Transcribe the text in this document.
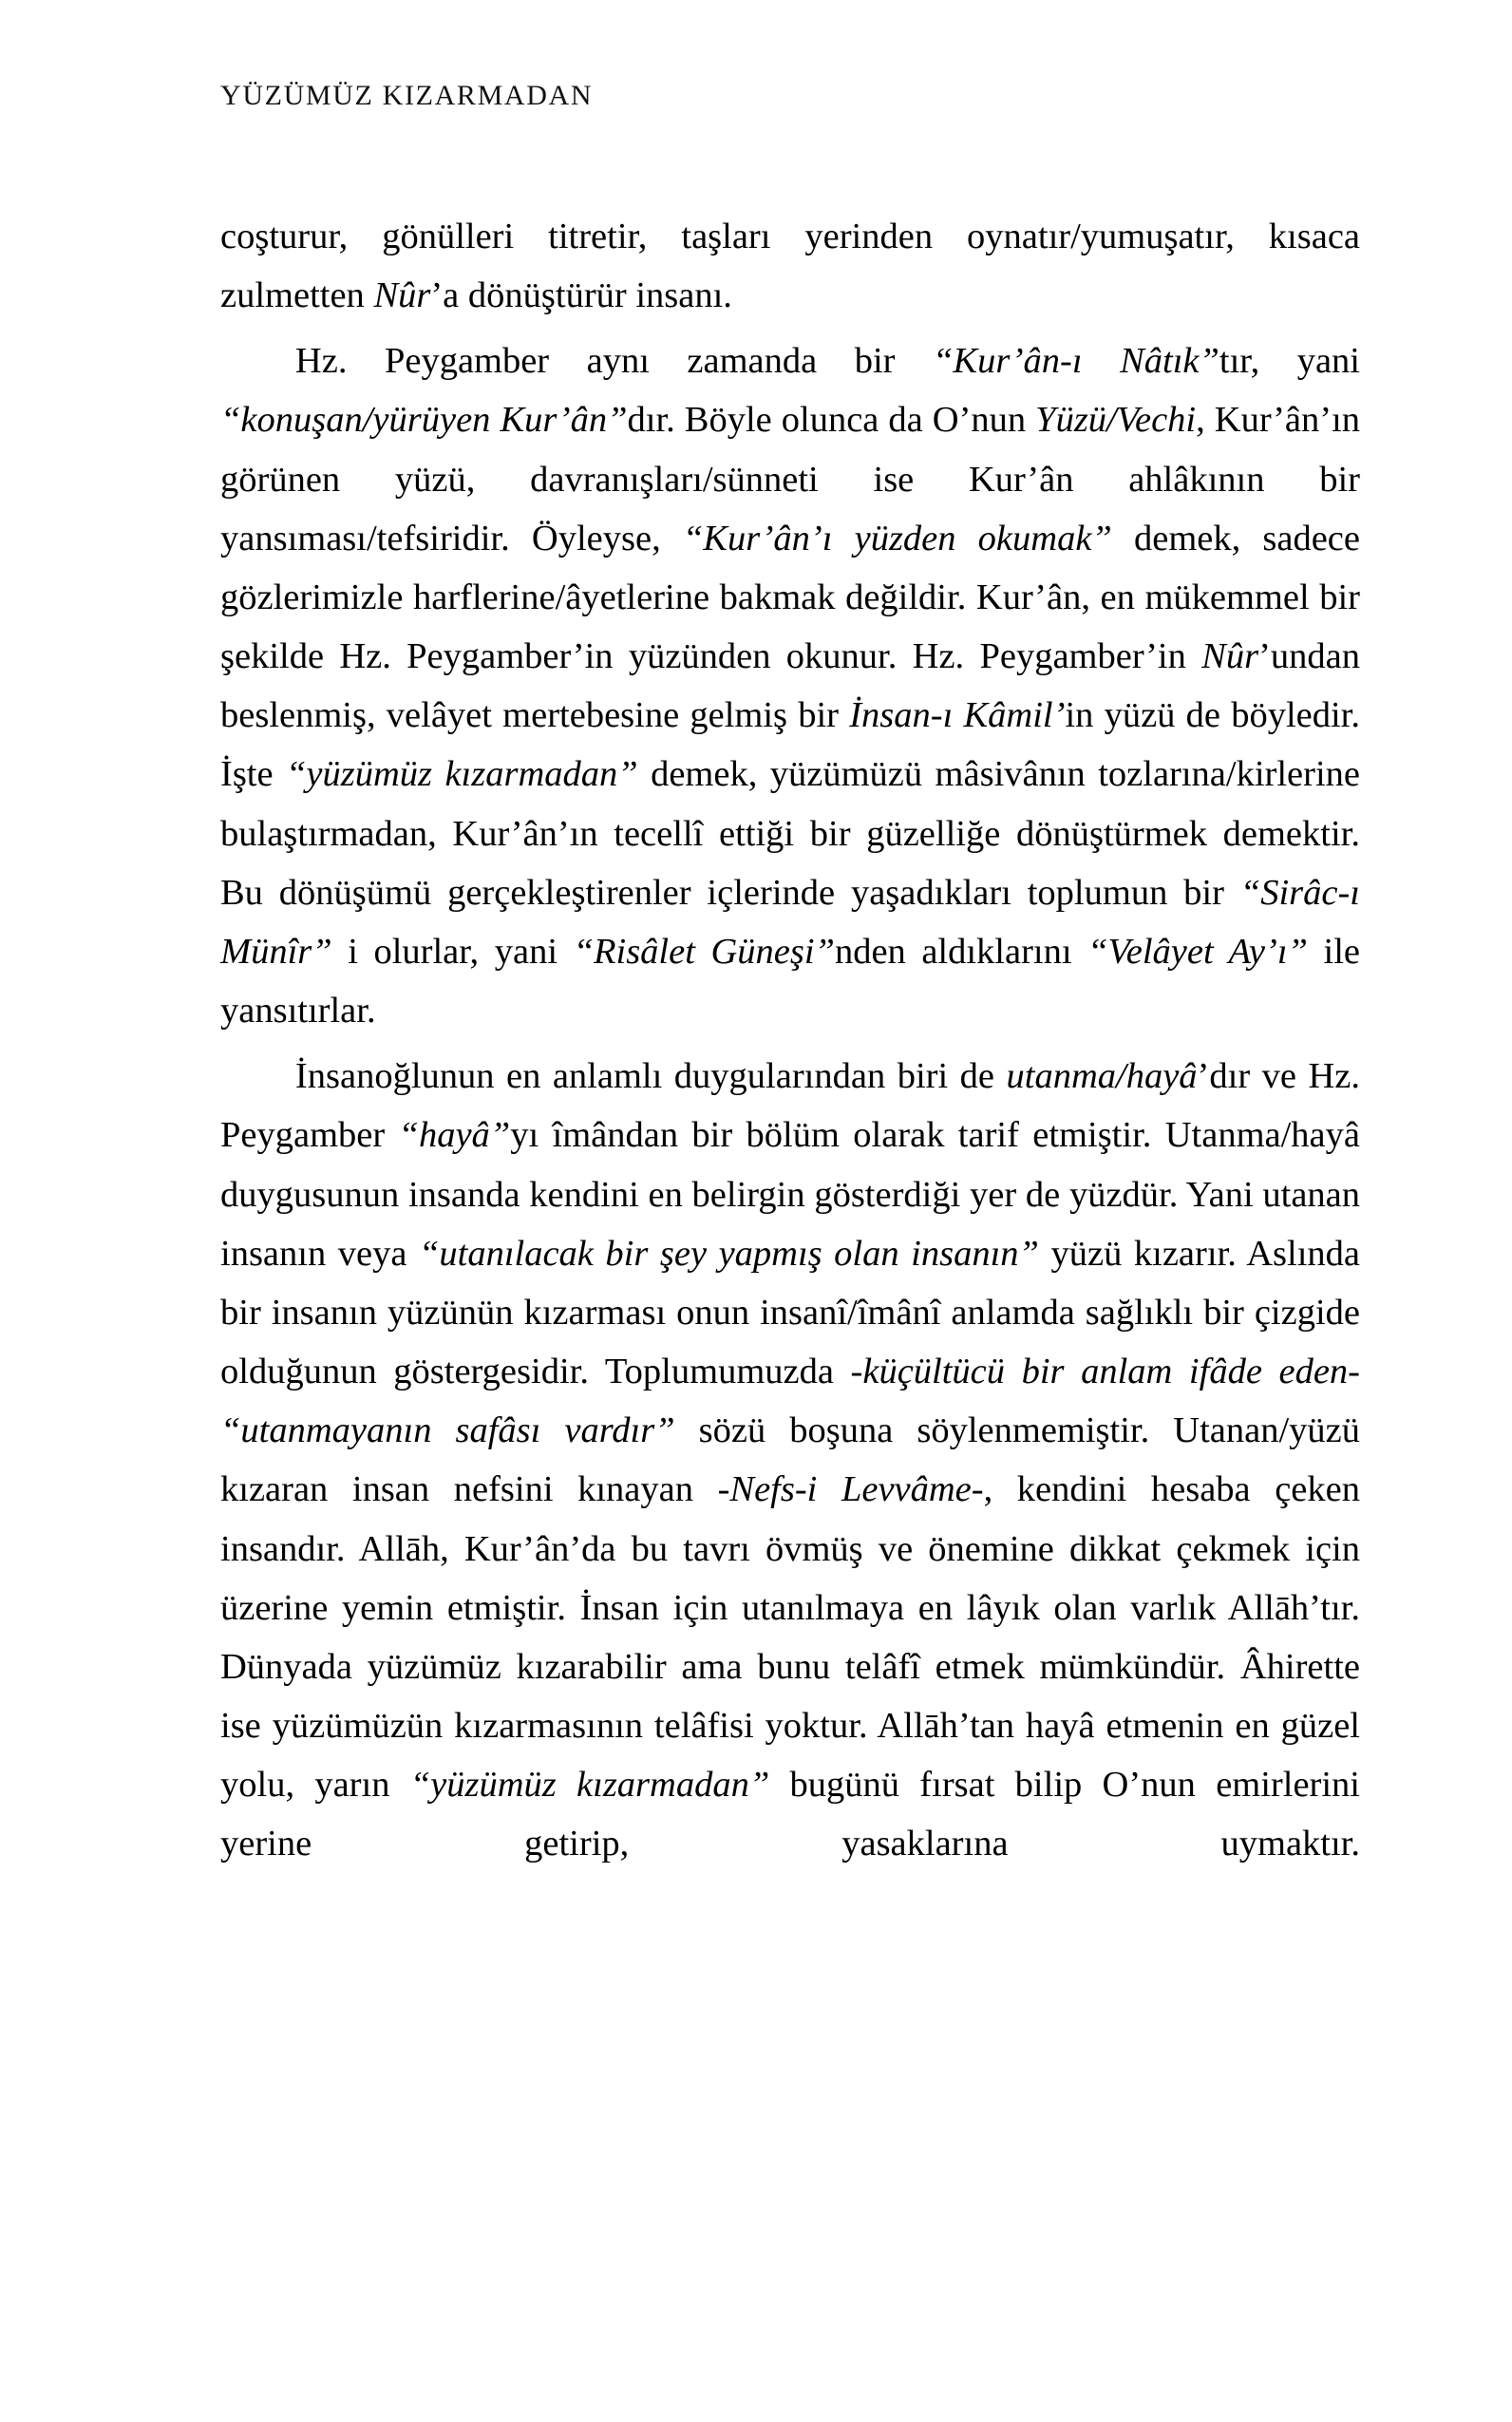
YÜZÜMÜZ KIZARMADAN

coşturur, gönülleri titretir, taşları yerinden oynatır/yumuşatır, kısaca zulmetten Nûr’a dönüştürür insanı.

Hz. Peygamber aynı zamanda bir “Kur’ân-ı Nâtık”tır, yani “konuşan/yürüyen Kur’ân”dır. Böyle olunca da O’nun Yüzü/Vechi, Kur’ân’ın görünen yüzü, davranışları/sünneti ise Kur’ân ahlâkının bir yansıması/tefsiridir. Öyleyse, “Kur’ân’ı yüzden okumak” demek, sadece gözlerimizle harflerine/âyetlerine bakmak değildir. Kur’ân, en mükemmel bir şekilde Hz. Peygamber’in yüzünden okunur. Hz. Peygamber’in Nûr’undan beslenmiş, velâyet mertebesine gelmiş bir İnsan-ı Kâmil’in yüzü de böyledir. İşte “yüzümüz kızarmadan” demek, yüzümüzü mâsivânın tozlarına/kirlerine bulaştırmadan, Kur’ân’ın tecellî ettiği bir güzelliğe dönüştürmek demektir. Bu dönüşümü gerçekleştirenler içlerinde yaşadıkları toplumun bir “Sirâc-ı Münîr” i olurlar, yani “Risâlet Güneşi”nden aldıklarını “Velâyet Ay’ı” ile yansıtırlar.

İnsanoğlunun en anlamlı duygularından biri de utanma/hayâ’dır ve Hz. Peygamber “hayâ”yı îmândan bir bölüm olarak tarif etmiştir. Utanma/hayâ duygusunun insanda kendini en belirgin gösterdiği yer de yüzdür. Yani utanan insanın veya “utanılacak bir şey yapmış olan insanın” yüzü kızarır. Aslında bir insanın yüzünün kızarması onun insanî/îmânî anlamda sağlıklı bir çizgide olduğunun göstergesidir. Toplumumuzda -küçültücü bir anlam ifâde eden- “utanmayanın safâsı vardır” sözü boşuna söylenmemiştir. Utanan/yüzü kızaran insan nefsini kınayan -Nefs-i Levvâme-, kendini hesaba çeken insandır. Allāh, Kur’ân’da bu tavrı övmüş ve önemine dikkat çekmek için üzerine yemin etmiştir. İnsan için utanılmaya en lâyık olan varlık Allāh’tır. Dünyada yüzümüz kızarabilir ama bunu telâfî etmek mümkündür. Âhirette ise yüzümüzün kızarmasının telâfisi yoktur. Allāh’tan hayâ etmenin en güzel yolu, yarın “yüzümüz kızarmadan” bugünü fırsat bilip O’nun emirlerini yerine getirip, yasaklarına uymaktır.
